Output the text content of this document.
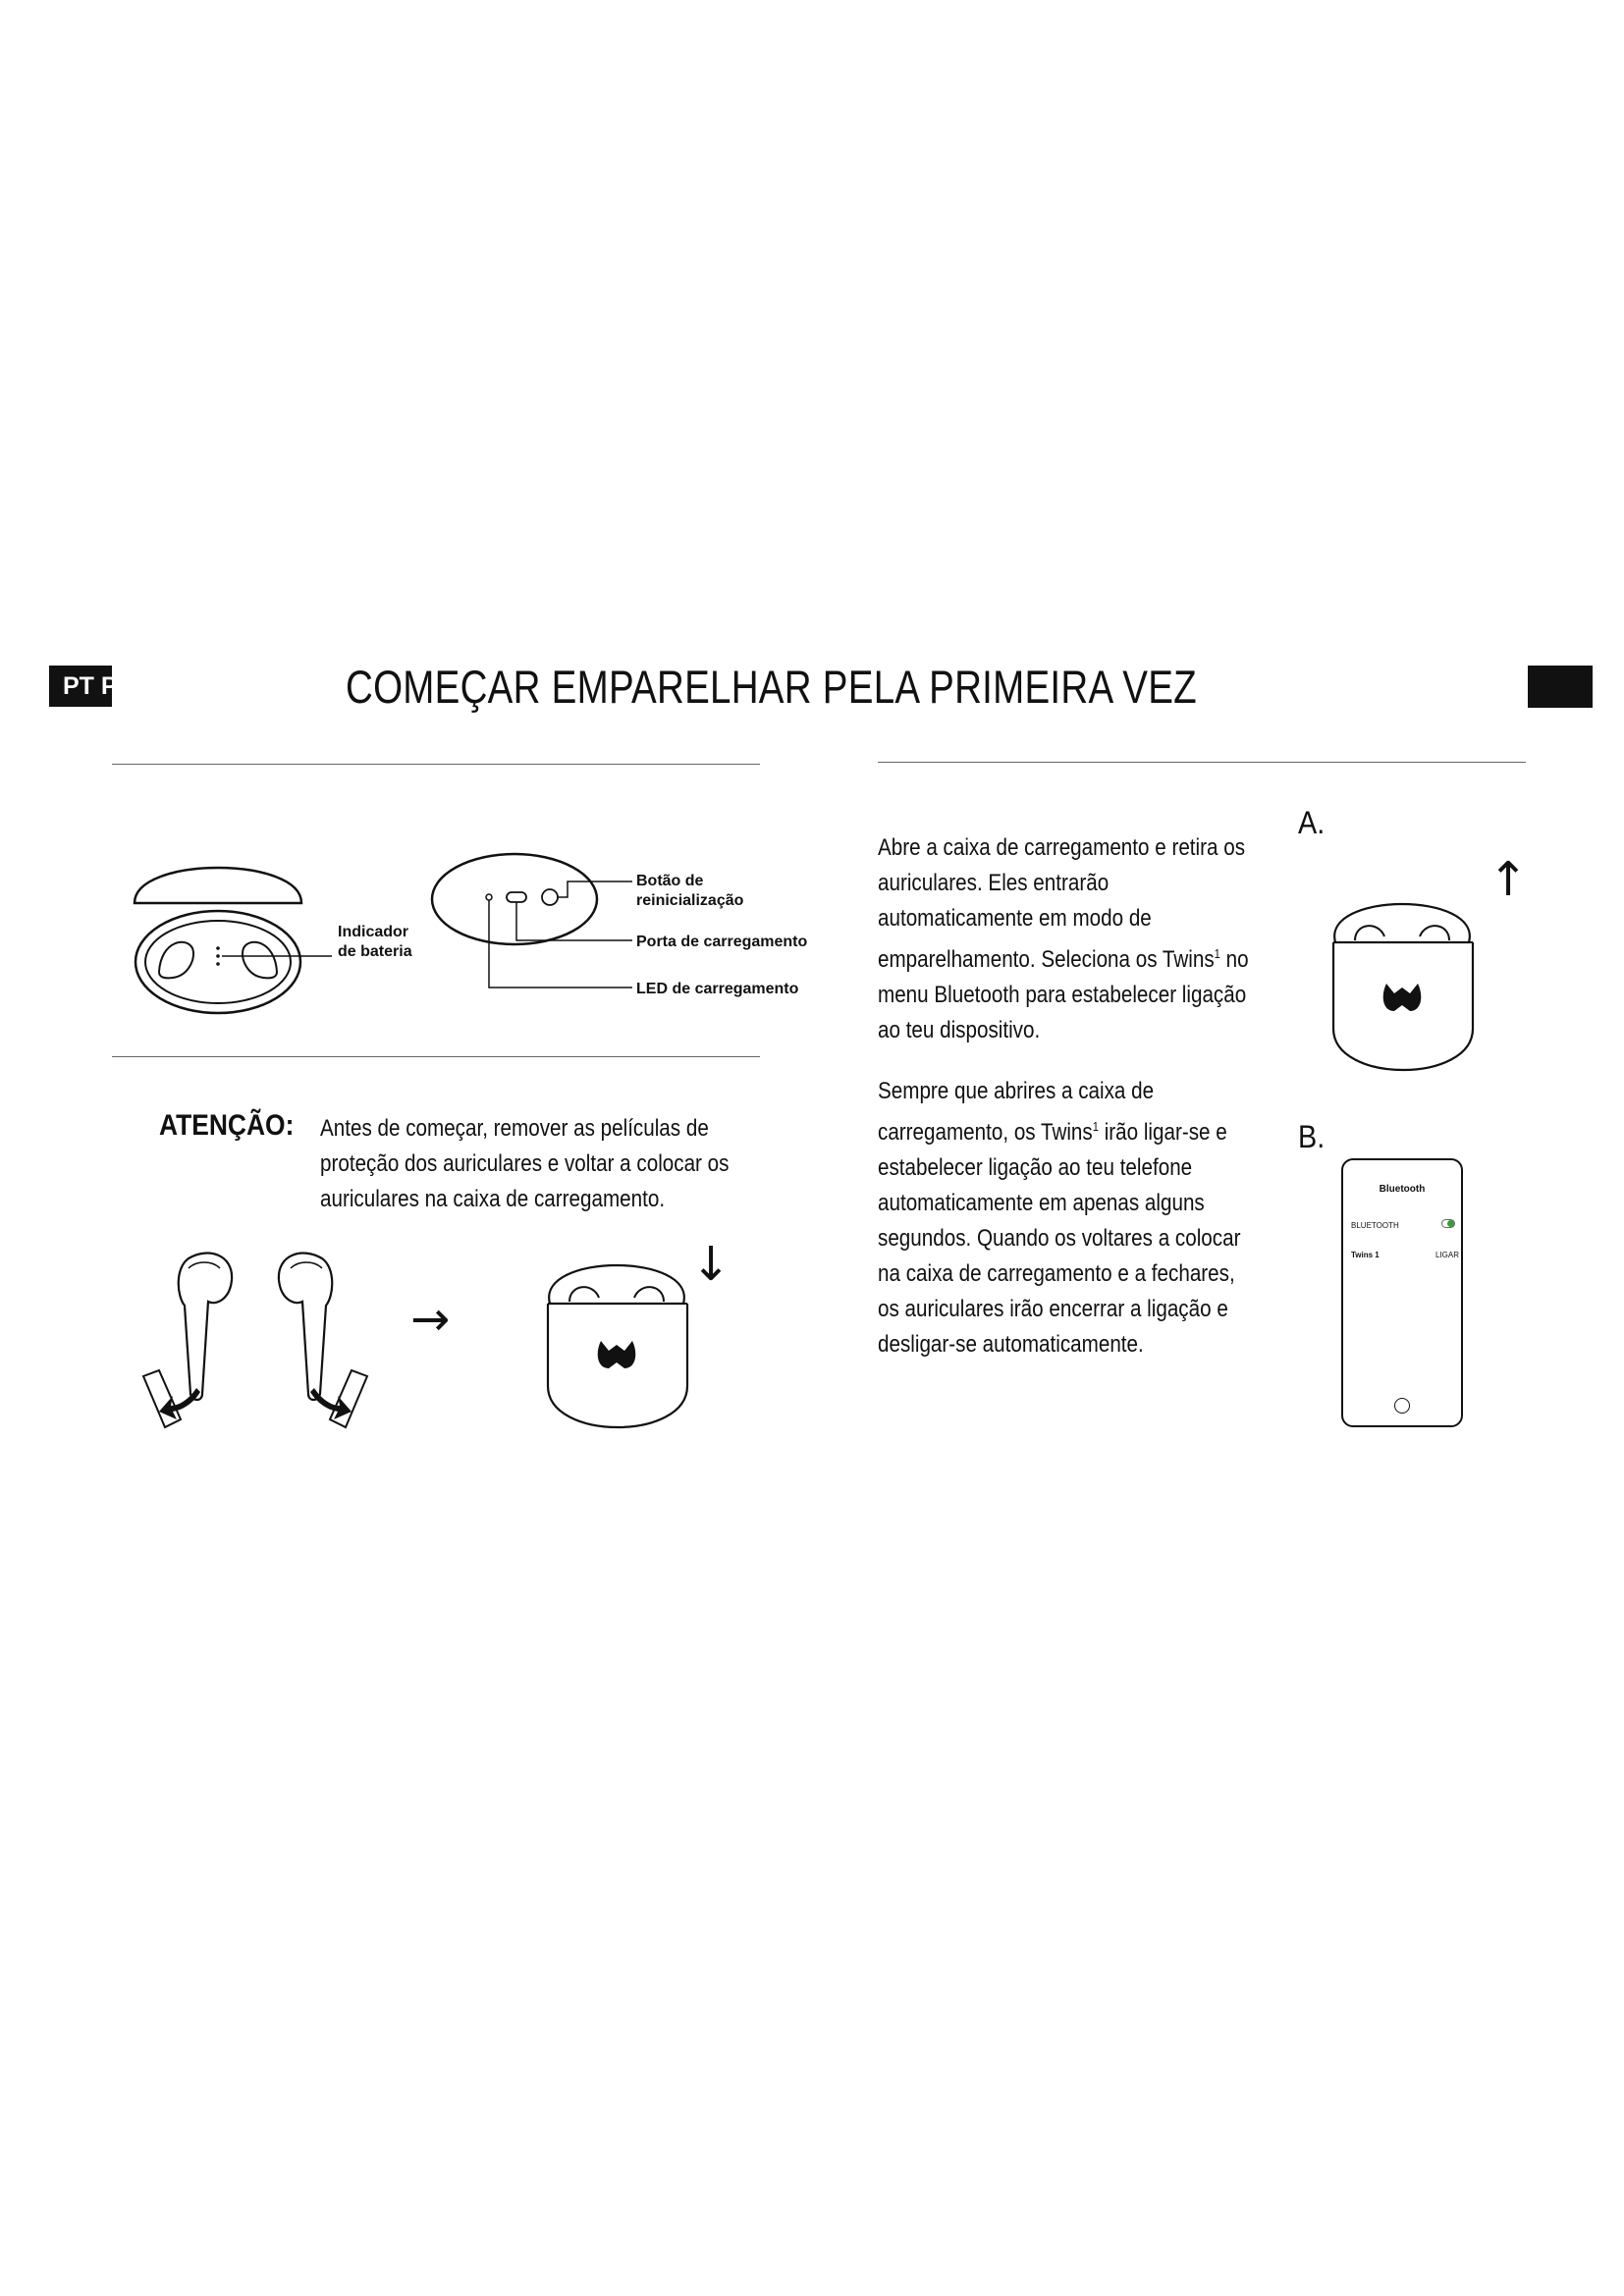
PT P	COMEÇAR EMPARELHAR PELA PRIMEIRA VEZ
Indicador
de bateria
Botão de
reinicialização
Porta de carregamento
LED de carregamento
ATENÇÃO: Antes de começar, remover as películas de proteção dos auriculares e voltar a colocar os auriculares na caixa de carregamento.
→
↓
Abre a caixa de carregamento e retira os auriculares. Eles entrarão automaticamente em modo de emparelhamento. Seleciona os Twins$^1$ no menu Bluetooth para estabelecer ligação ao teu dispositivo.
Sempre que abrires a caixa de carregamento, os Twins$^1$ irão ligar-se e estabelecer ligação ao teu telefone automaticamente em apenas alguns segundos. Quando os voltares a colocar na caixa de carregamento e a fechares, os auriculares irão encerrar a ligação e desligar-se automaticamente.
A.
↑
B.
Bluetooth
BLUETOOTH
Twins 1	LIGAR
